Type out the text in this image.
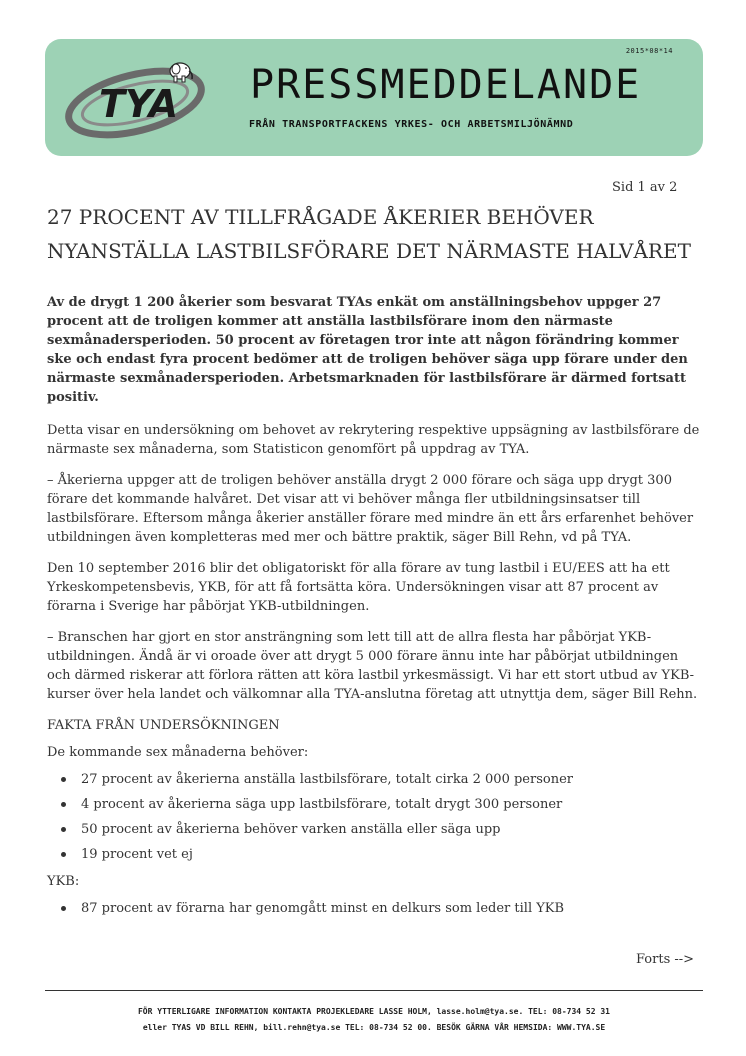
TYA
2015*08*14
PRESSMEDDELANDE
FRÅN TRANSPORTFACKENS YRKES- OCH ARBETSMILJÖNÄMND
Sid 1 av 2
27 PROCENT AV TILLFRÅGADE ÅKERIER BEHÖVER
NYANSTÄLLA LASTBILSFÖRARE DET NÄRMASTE HALVÅRET

Av de drygt 1 200 åkerier som besvarat TYAs enkät om anställningsbehov uppger 27 procent att de troligen kommer att anställa lastbilsförare inom den närmaste sexmånadersperioden. 50 procent av företagen tror inte att någon förändring kommer ske och endast fyra procent bedömer att de troligen behöver säga upp förare under den närmaste sexmånadersperioden. Arbetsmarknaden för lastbilsförare är därmed fortsatt positiv.

Detta visar en undersökning om behovet av rekrytering respektive uppsägning av lastbilsförare de närmaste sex månaderna, som Statisticon genomfört på uppdrag av TYA.

– Åkerierna uppger att de troligen behöver anställa drygt 2 000 förare och säga upp drygt 300 förare det kommande halvåret. Det visar att vi behöver många fler utbildningsinsatser till lastbilsförare. Eftersom många åkerier anställer förare med mindre än ett års erfarenhet behöver utbildningen även kompletteras med mer och bättre praktik, säger Bill Rehn, vd på TYA.

Den 10 september 2016 blir det obligatoriskt för alla förare av tung lastbil i EU/EES att ha ett Yrkeskompetensbevis, YKB, för att få fortsätta köra. Undersökningen visar att 87 procent av förarna i Sverige har påbörjat YKB-utbildningen.

– Branschen har gjort en stor ansträngning som lett till att de allra flesta har påbörjat YKB-utbildningen. Ändå är vi oroade över att drygt 5 000 förare ännu inte har påbörjat utbildningen och därmed riskerar att förlora rätten att köra lastbil yrkesmässigt. Vi har ett stort utbud av YKB-kurser över hela landet och välkomnar alla TYA-anslutna företag att utnyttja dem, säger Bill Rehn.

FAKTA FRÅN UNDERSÖKNINGEN

De kommande sex månaderna behöver:

27 procent av åkerierna anställa lastbilsförare, totalt cirka 2 000 personer
4 procent av åkerierna säga upp lastbilsförare, totalt drygt 300 personer
50 procent av åkerierna behöver varken anställa eller säga upp
19 procent vet ej

YKB:

87 procent av förarna har genomgått minst en delkurs som leder till YKB
Forts -->
FÖR YTTERLIGARE INFORMATION KONTAKTA PROJEKLEDARE LASSE HOLM, lasse.holm@tya.se. TEL: 08-734 52 31
eller TYAS VD BILL REHN, bill.rehn@tya.se TEL: 08-734 52 00. BESÖK GÄRNA VÅR HEMSIDA: WWW.TYA.SE
